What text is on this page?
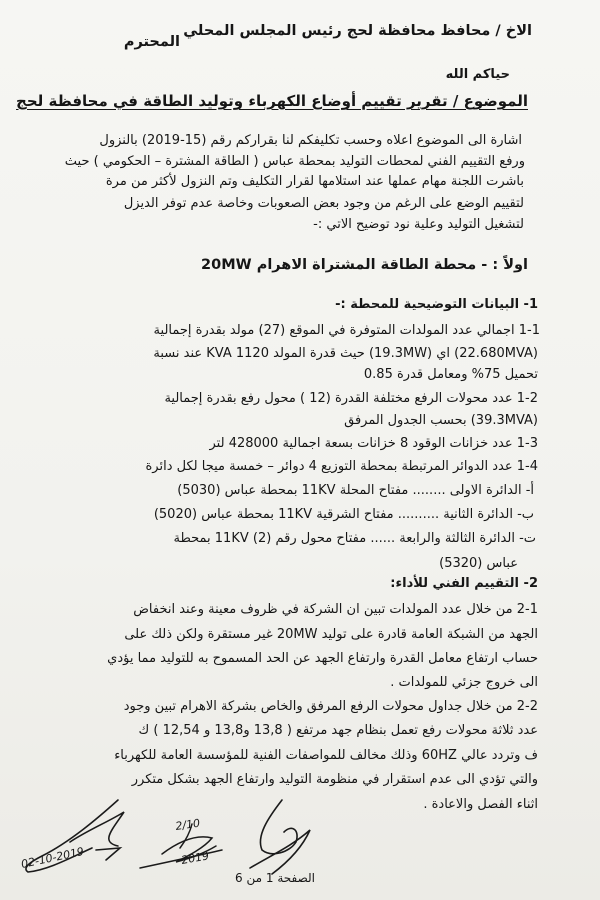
الاخ / محافظ محافظة لحج رئيس المجلس المحلي
المحترم
حياكم الله
الموضوع / تقرير تقييم أوضاع الكهرباء وتوليد الطاقة في محافظة لحج
اشارة الى الموضوع اعلاه وحسب تكليفكم لنا بقراركم رقم (15-2019) بالنزول
ورفع التقييم الفني لمحطات التوليد بمحطة عباس ( الطاقة المشترة – الحكومي ) حيث
باشرت اللجنة مهام عملها عند استلامها لقرار التكليف وتم النزول لأكثر من مرة
لتقييم الوضع على الرغم من وجود بعض الصعوبات وخاصة عدم توفر الديزل
لتشغيل التوليد وعلية نود توضيح الاتي :-
اولاً : - محطة الطاقة المشتراة الاهرام 20MW
1- البيانات التوضيحية للمحطة :-
1-1 اجمالي عدد المولدات المتوفرة في الموقع (27) مولد بقدرة إجمالية
(22.680MVA) اي (19.3MW) حيث قدرة المولد KVA 1120 عند نسبة
تحميل 75% ومعامل قدرة 0.85
1-2 عدد محولات الرفع مختلفة القدرة (12 ) محول رفع بقدرة إجمالية
(39.3MVA) بحسب الجدول المرفق
1-3 عدد خزانات الوقود 8 خزانات بسعة اجمالية 428000 لتر
1-4 عدد الدوائر المرتبطة بمحطة التوزيع 4 دوائر – خمسة ميجا لكل دائرة
أ- الدائرة الاولى ........ مفتاح المحلة 11KV بمحطة عباس (5030)
ب- الدائرة الثانية .......... مفتاح الشرقية 11KV بمحطة عباس (5020)
ت- الدائرة الثالثة والرابعة ...... مفتاح محول رقم (2) 11KV بمحطة
عباس (5320)
2- التقييم الفني للأداء:
2-1 من خلال عدد المولدات تبين ان الشركة في ظروف معينة وعند انخفاض
الجهد من الشبكة العامة قادرة على توليد 20MW غير مستقرة ولكن ذلك على
حساب ارتفاع معامل القدرة وارتفاع الجهد عن الحد المسموح به للتوليد مما يؤدي
الى خروج جزئي للمولدات .
2-2 من خلال جداول محولات الرفع المرفق والخاص بشركة الاهرام تبين وجود
عدد ثلاثة محولات رفع تعمل بنظام جهد مرتفع ( 13,8 و13,8 و 12,54 ) ك
ف وتردد عالي 60HZ وذلك مخالف للمواصفات الفنية للمؤسسة العامة للكهرباء
والتي تؤدي الى عدم استقرار في منظومة التوليد وارتفاع الجهد بشكل متكرر
اثناء الفصل والاعادة .
02-10-2019
2/10
2019
الصفحة 1 من 6
